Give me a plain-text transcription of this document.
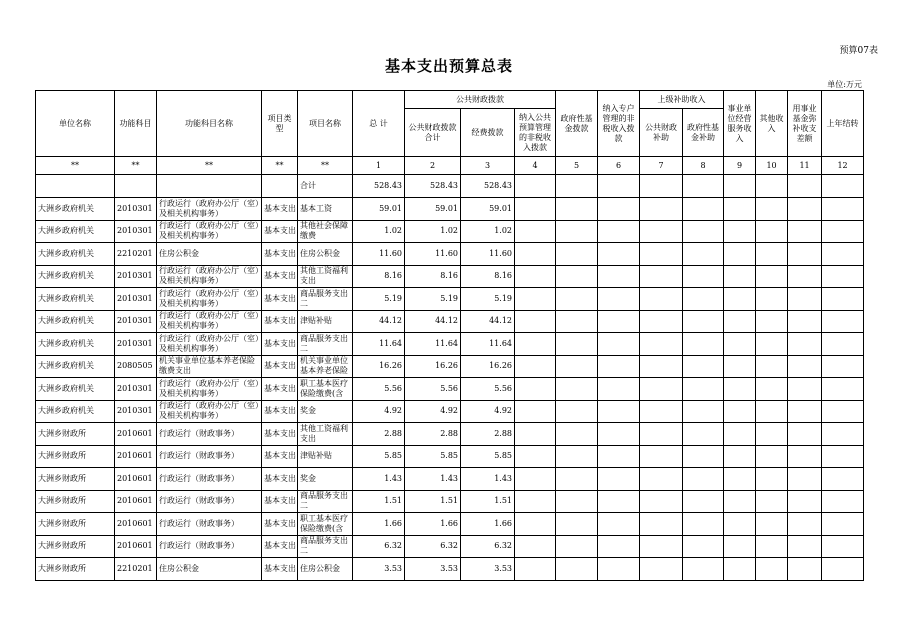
预算07表
基本支出预算总表
单位:万元
单位名称	功能科目	功能科目名称	项目类型	项目名称	总 计	公共财政拨款			政府性基金拨款	纳入专户管理的非税收入拨款	上级补助收入		事业单位经营服务收入	其他收入	用事业基金弥补收支差额	上年结转
						公共财政拨款合计	经费拨款	纳入公共预算管理的非税收入拨款			公共财政补助	政府性基金补助				
**	**	**	**	**	1	2	3	4	5	6	7	8	9	10	11	12
				合计	528.43	528.43	528.43									
大洲乡政府机关	2010301	行政运行（政府办公厅（室）及相关机构事务）	基本支出	基本工资	59.01	59.01	59.01									
大洲乡政府机关	2010301	行政运行（政府办公厅（室）及相关机构事务）	基本支出	其他社会保障缴费	1.02	1.02	1.02									
大洲乡政府机关	2210201	住房公积金	基本支出	住房公积金	11.60	11.60	11.60									
大洲乡政府机关	2010301	行政运行（政府办公厅（室）及相关机构事务）	基本支出	其他工资福利支出	8.16	8.16	8.16									
大洲乡政府机关	2010301	行政运行（政府办公厅（室）及相关机构事务）	基本支出	商品服务支出二	5.19	5.19	5.19									
大洲乡政府机关	2010301	行政运行（政府办公厅（室）及相关机构事务）	基本支出	津贴补贴	44.12	44.12	44.12									
大洲乡政府机关	2010301	行政运行（政府办公厅（室）及相关机构事务）	基本支出	商品服务支出二	11.64	11.64	11.64									
大洲乡政府机关	2080505	机关事业单位基本养老保险缴费支出	基本支出	机关事业单位基本养老保险	16.26	16.26	16.26									
大洲乡政府机关	2010301	行政运行（政府办公厅（室）及相关机构事务）	基本支出	职工基本医疗保险缴费(含	5.56	5.56	5.56									
大洲乡政府机关	2010301	行政运行（政府办公厅（室）及相关机构事务）	基本支出	奖金	4.92	4.92	4.92									
大洲乡财政所	2010601	行政运行（财政事务）	基本支出	其他工资福利支出	2.88	2.88	2.88									
大洲乡财政所	2010601	行政运行（财政事务）	基本支出	津贴补贴	5.85	5.85	5.85									
大洲乡财政所	2010601	行政运行（财政事务）	基本支出	奖金	1.43	1.43	1.43									
大洲乡财政所	2010601	行政运行（财政事务）	基本支出	商品服务支出二	1.51	1.51	1.51									
大洲乡财政所	2010601	行政运行（财政事务）	基本支出	职工基本医疗保险缴费(含	1.66	1.66	1.66									
大洲乡财政所	2010601	行政运行（财政事务）	基本支出	商品服务支出二	6.32	6.32	6.32									
大洲乡财政所	2210201	住房公积金	基本支出	住房公积金	3.53	3.53	3.53									
